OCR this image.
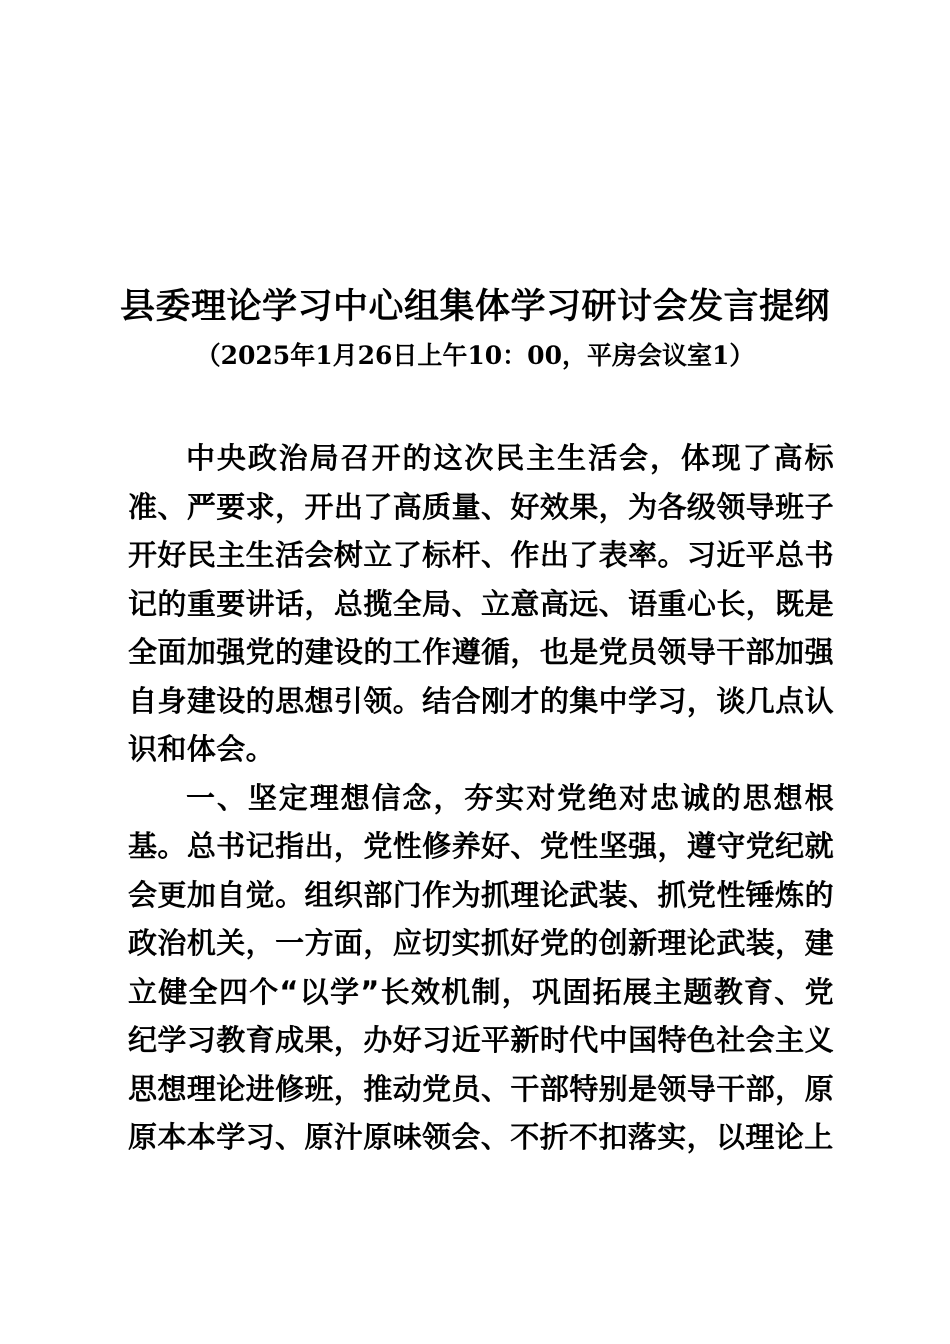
县委理论学习中心组集体学习研讨会发言提纲
（2025年1月26日上午10：00，平房会议室1）

中央政治局召开的这次民主生活会，体现了高标准、严要求，开出了高质量、好效果，为各级领导班子开好民主生活会树立了标杆、作出了表率。习近平总书记的重要讲话，总揽全局、立意高远、语重心长，既是全面加强党的建设的工作遵循，也是党员领导干部加强自身建设的思想引领。结合刚才的集中学习，谈几点认识和体会。

一、坚定理想信念，夯实对党绝对忠诚的思想根基。总书记指出，党性修养好、党性坚强，遵守党纪就会更加自觉。组织部门作为抓理论武装、抓党性锤炼的政治机关，一方面，应切实抓好党的创新理论武装，建立健全四个“以学”长效机制，巩固拓展主题教育、党纪学习教育成果，办好习近平新时代中国特色社会主义思想理论进修班，推动党员、干部特别是领导干部，原原本本学习、原汁原味领会、不折不扣落实，以理论上
